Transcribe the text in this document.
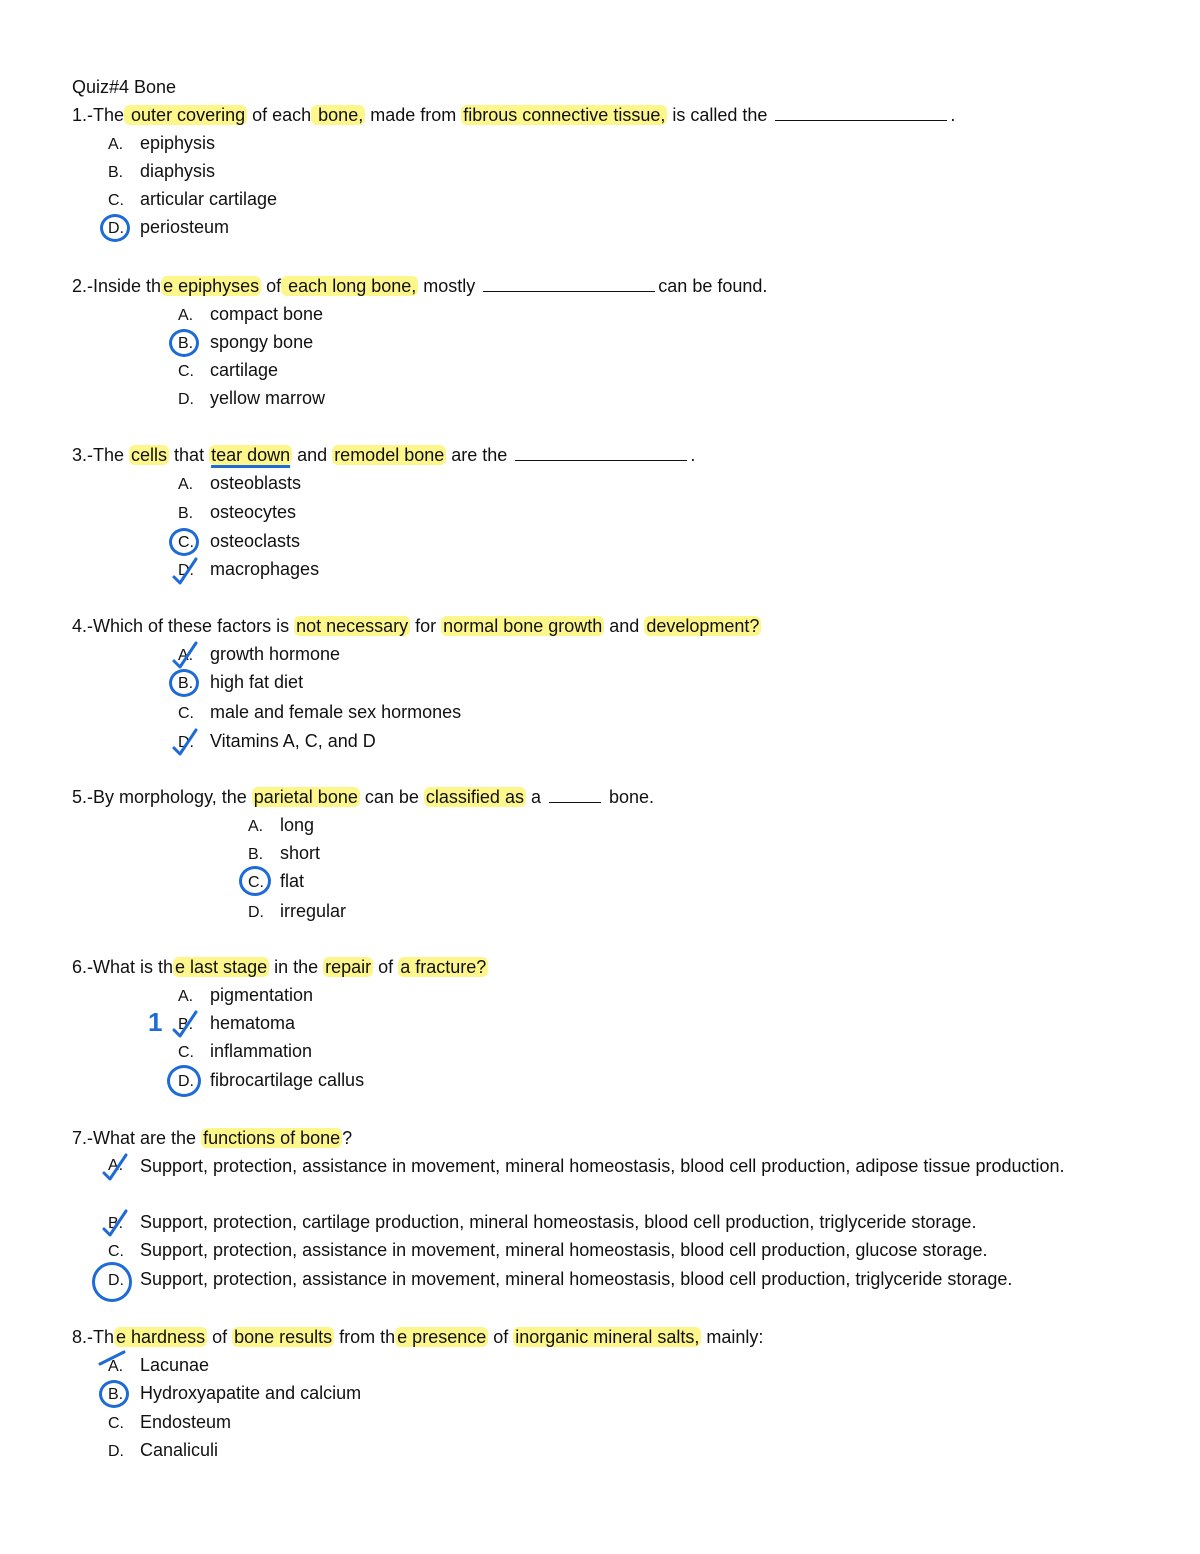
Quiz#4 Bone
1.-The outer covering of each bone, made from fibrous connective tissue, is called the	.
A. epiphysis
B. diaphysis
C. articular cartilage
D. periosteum
2.-Inside th e epiphyses of each long bone, mostly	can be found.
A. compact bone
B. spongy bone
C. cartilage
D. yellow marrow
3.-The cells that tear down and remodel bone are the	.
A. osteoblasts
B. osteocytes
C. osteoclasts
D. macrophages
4.-Which of these factors is not necessary for normal bone growth and development?
A. growth hormone
B. high fat diet
C. male and female sex hormones
D. Vitamins A, C, and D
5.-By morphology, the parietal bone can be classified as a	bone.
A. long
B. short
C. flat
D. irregular
6.-What is th e last stage in the repair of a fracture?
A. pigmentation
B. hematoma
C. inflammation
D. fibrocartilage callus
1
7.-What are the functions of bone ?
A. Support, protection, assistance in movement, mineral homeostasis, blood cell production, adipose tissue production.
B. Support, protection, cartilage production, mineral homeostasis, blood cell production, triglyceride storage.
C. Support, protection, assistance in movement, mineral homeostasis, blood cell production, glucose storage.
D. Support, protection, assistance in movement, mineral homeostasis, blood cell production, triglyceride storage.
8.-Th e hardness of bone results from th e presence of inorganic mineral salts, mainly:
A. Lacunae
B. Hydroxyapatite and calcium
C. Endosteum
D. Canaliculi
